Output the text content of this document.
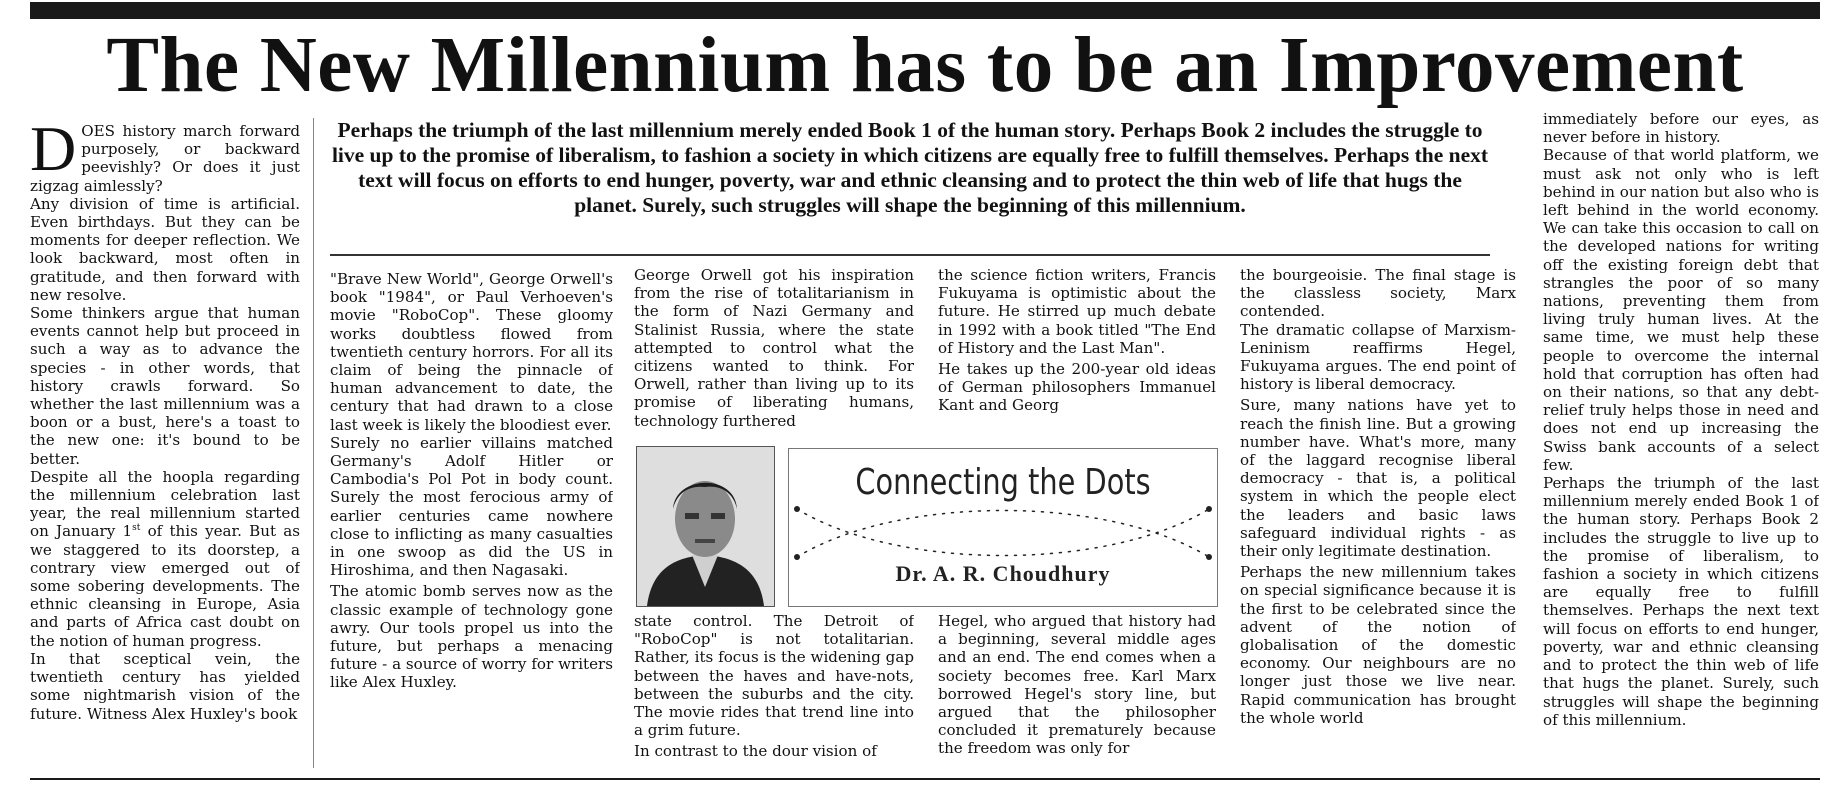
The New Millennium has to be an Improvement

DOES history march forward purposely, or backward peevishly? Or does it just zigzag aimlessly?

Any division of time is artificial. Even birthdays. But they can be moments for deeper reflection. We look backward, most often in gratitude, and then forward with new resolve.

Some thinkers argue that human events cannot help but proceed in such a way as to advance the species - in other words, that history crawls forward. So whether the last millennium was a boon or a bust, here's a toast to the new one: it's bound to be better.

Despite all the hoopla regarding the millennium celebration last year, the real millennium started on January 1st of this year. But as we staggered to its doorstep, a contrary view emerged out of some sobering developments. The ethnic cleansing in Europe, Asia and parts of Africa cast doubt on the notion of human progress.

In that sceptical vein, the twentieth century has yielded some nightmarish vision of the future. Witness Alex Huxley's book

Perhaps the triumph of the last millennium merely ended Book 1 of the human story. Perhaps Book 2 includes the struggle to live up to the promise of liberalism, to fashion a society in which citizens are equally free to fulfill themselves. Perhaps the next text will focus on efforts to end hunger, poverty, war and ethnic cleansing and to protect the thin web of life that hugs the planet. Surely, such struggles will shape the beginning of this millennium.

"Brave New World", George Orwell's book "1984", or Paul Verhoeven's movie "RoboCop". These gloomy works doubtless flowed from twentieth century horrors. For all its claim of being the pinnacle of human advancement to date, the century that had drawn to a close last week is likely the bloodiest ever.

Surely no earlier villains matched Germany's Adolf Hitler or Cambodia's Pol Pot in body count. Surely the most ferocious army of earlier centuries came nowhere close to inflicting as many casualties in one swoop as did the US in Hiroshima, and then Nagasaki.

The atomic bomb serves now as the classic example of technology gone awry. Our tools propel us into the future, but perhaps a menacing future - a source of worry for writers like Alex Huxley.

George Orwell got his inspiration from the rise of totalitarianism in the form of Nazi Germany and Stalinist Russia, where the state attempted to control what the citizens wanted to think. For Orwell, rather than living up to its promise of liberating humans, technology furthered

the science fiction writers, Francis Fukuyama is optimistic about the future. He stirred up much debate in 1992 with a book titled "The End of History and the Last Man".

He takes up the 200-year old ideas of German philosophers Immanuel Kant and Georg

Connecting the Dots
Dr. A. R. Choudhury

state control. The Detroit of "RoboCop" is not totalitarian. Rather, its focus is the widening gap between the haves and have-nots, between the suburbs and the city. The movie rides that trend line into a grim future.

In contrast to the dour vision of

Hegel, who argued that history had a beginning, several middle ages and an end. The end comes when a society becomes free. Karl Marx borrowed Hegel's story line, but argued that the philosopher concluded it prematurely because the freedom was only for

the bourgeoisie. The final stage is the classless society, Marx contended.

The dramatic collapse of Marxism-Leninism reaffirms Hegel, Fukuyama argues. The end point of history is liberal democracy.

Sure, many nations have yet to reach the finish line. But a growing number have. What's more, many of the laggard recognise liberal democracy - that is, a political system in which the people elect the leaders and basic laws safeguard individual rights - as their only legitimate destination.

Perhaps the new millennium takes on special significance because it is the first to be celebrated since the advent of the notion of globalisation of the domestic economy. Our neighbours are no longer just those we live near. Rapid communication has brought the whole world

immediately before our eyes, as never before in history.

Because of that world platform, we must ask not only who is left behind in our nation but also who is left behind in the world economy. We can take this occasion to call on the developed nations for writing off the existing foreign debt that strangles the poor of so many nations, preventing them from living truly human lives. At the same time, we must help these people to overcome the internal hold that corruption has often had on their nations, so that any debt-relief truly helps those in need and does not end up increasing the Swiss bank accounts of a select few.

Perhaps the triumph of the last millennium merely ended Book 1 of the human story. Perhaps Book 2 includes the struggle to live up to the promise of liberalism, to fashion a society in which citizens are equally free to fulfill themselves. Perhaps the next text will focus on efforts to end hunger, poverty, war and ethnic cleansing and to protect the thin web of life that hugs the planet. Surely, such struggles will shape the beginning of this millennium.
